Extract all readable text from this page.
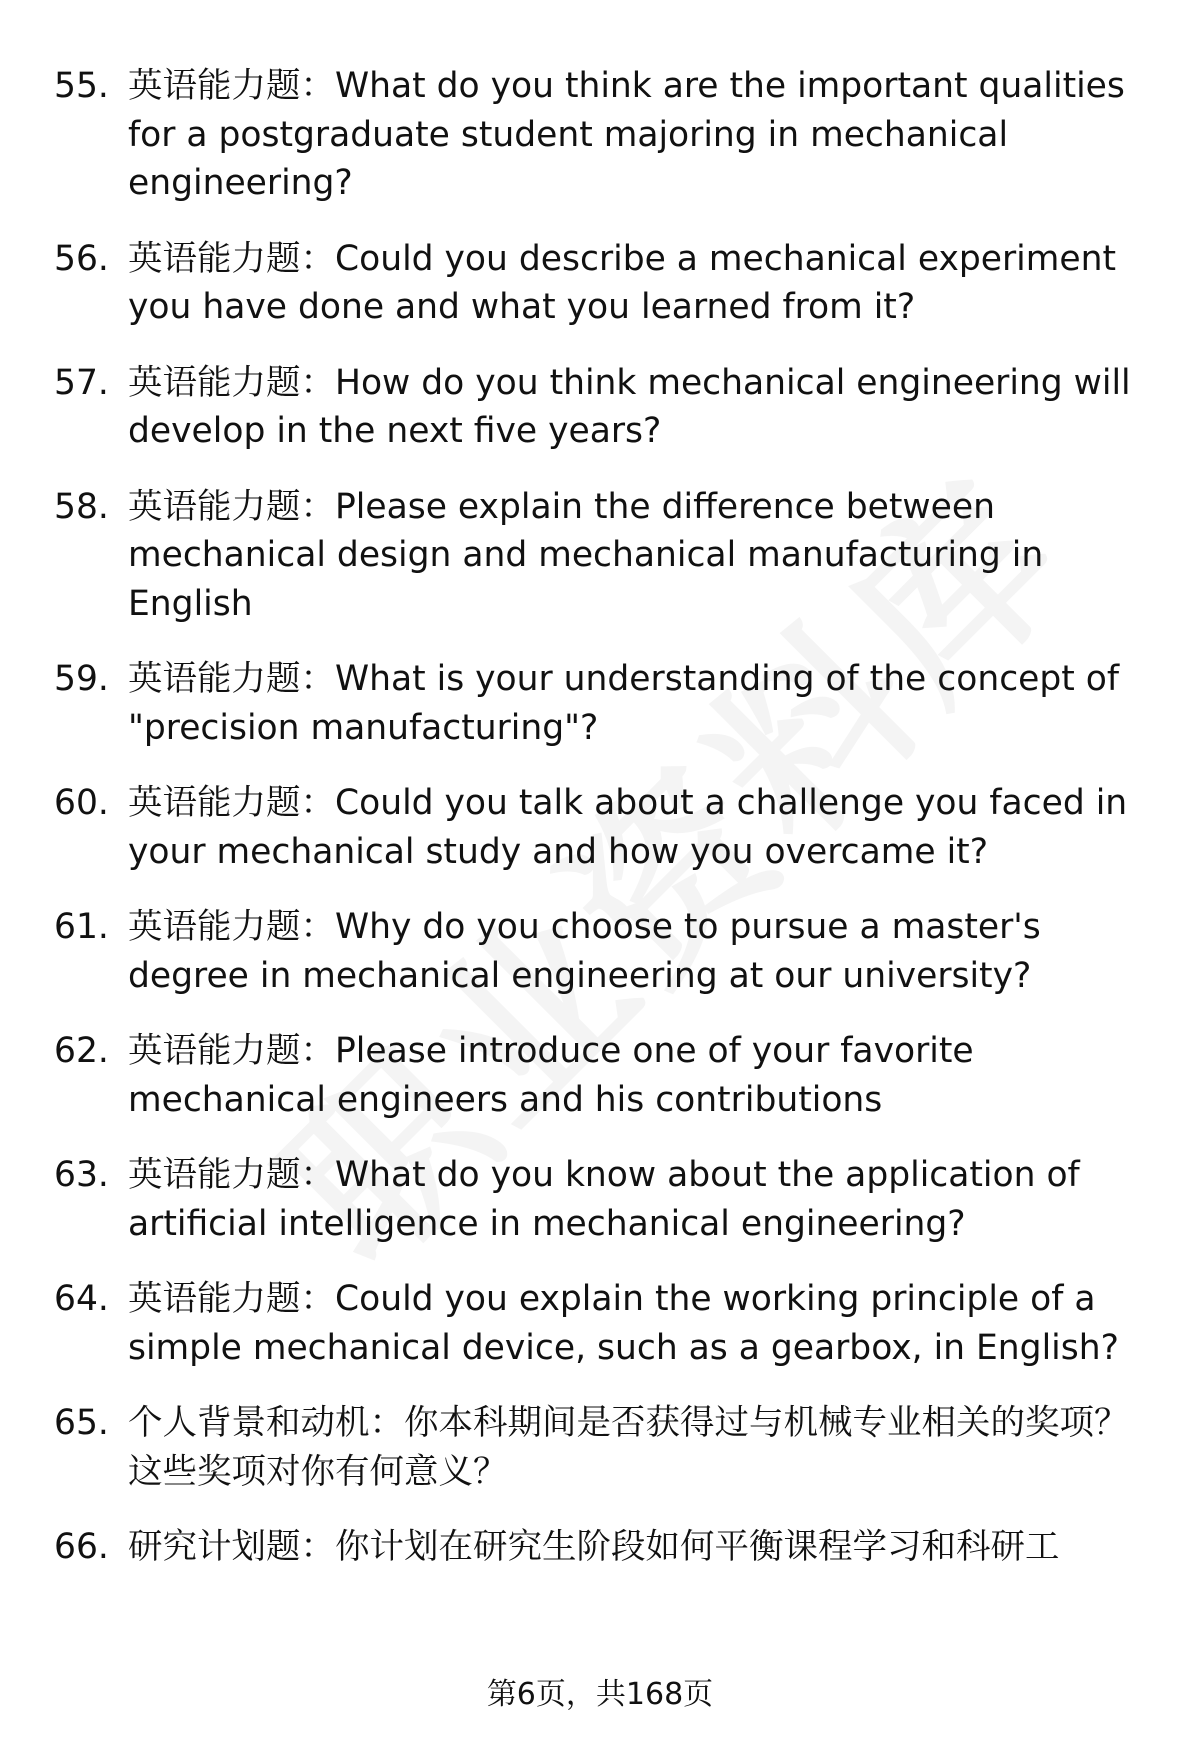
55. 英语能力题：What do you think are the important qualities for a postgraduate student majoring in mechanical engineering?
56. 英语能力题：Could you describe a mechanical experiment you have done and what you learned from it?
57. 英语能力题：How do you think mechanical engineering will develop in the next five years?
58. 英语能力题：Please explain the difference between mechanical design and mechanical manufacturing in English
59. 英语能力题：What is your understanding of the concept of "precision manufacturing"?
60. 英语能力题：Could you talk about a challenge you faced in your mechanical study and how you overcame it?
61. 英语能力题：Why do you choose to pursue a master's degree in mechanical engineering at our university?
62. 英语能力题：Please introduce one of your favorite mechanical engineers and his contributions
63. 英语能力题：What do you know about the application of artificial intelligence in mechanical engineering?
64. 英语能力题：Could you explain the working principle of a simple mechanical device, such as a gearbox, in English?
65. 个人背景和动机：你本科期间是否获得过与机械专业相关的奖项？这些奖项对你有何意义？
66. 研究计划题：你计划在研究生阶段如何平衡课程学习和科研工
第6页，共168页
